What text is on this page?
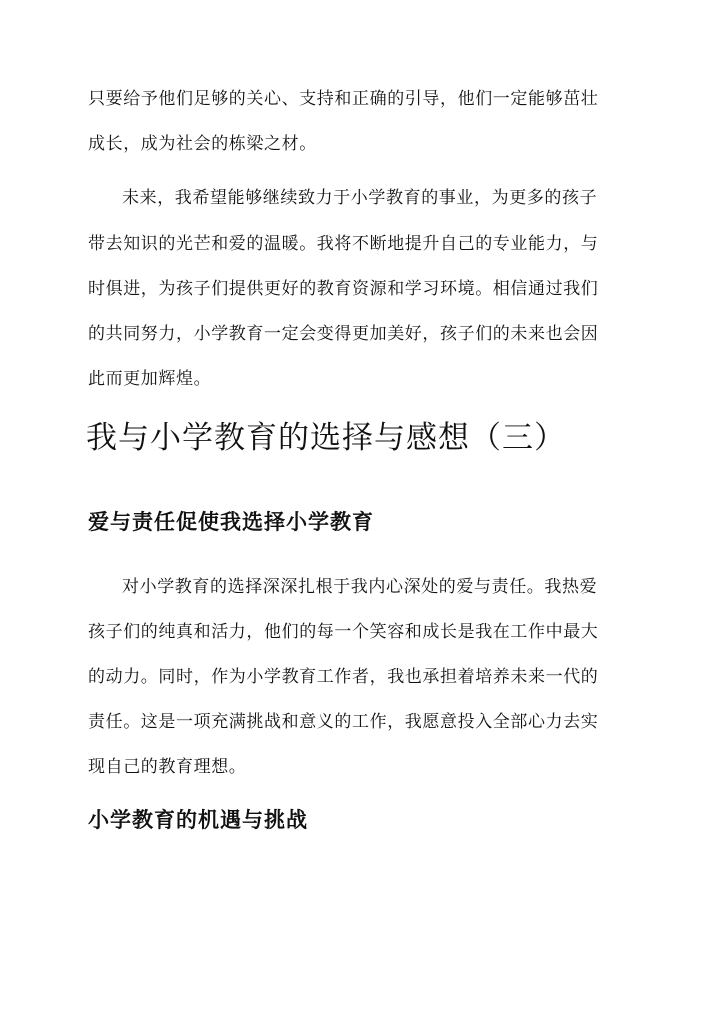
只要给予他们足够的关心、支持和正确的引导，他们一定能够茁壮
成长，成为社会的栋梁之材。
未来，我希望能够继续致力于小学教育的事业，为更多的孩子
带去知识的光芒和爱的温暖。我将不断地提升自己的专业能力，与
时俱进，为孩子们提供更好的教育资源和学习环境。相信通过我们
的共同努力，小学教育一定会变得更加美好，孩子们的未来也会因
此而更加辉煌。
我与小学教育的选择与感想（三）
爱与责任促使我选择小学教育
对小学教育的选择深深扎根于我内心深处的爱与责任。我热爱
孩子们的纯真和活力，他们的每一个笑容和成长是我在工作中最大
的动力。同时，作为小学教育工作者，我也承担着培养未来一代的
责任。这是一项充满挑战和意义的工作，我愿意投入全部心力去实
现自己的教育理想。
小学教育的机遇与挑战
